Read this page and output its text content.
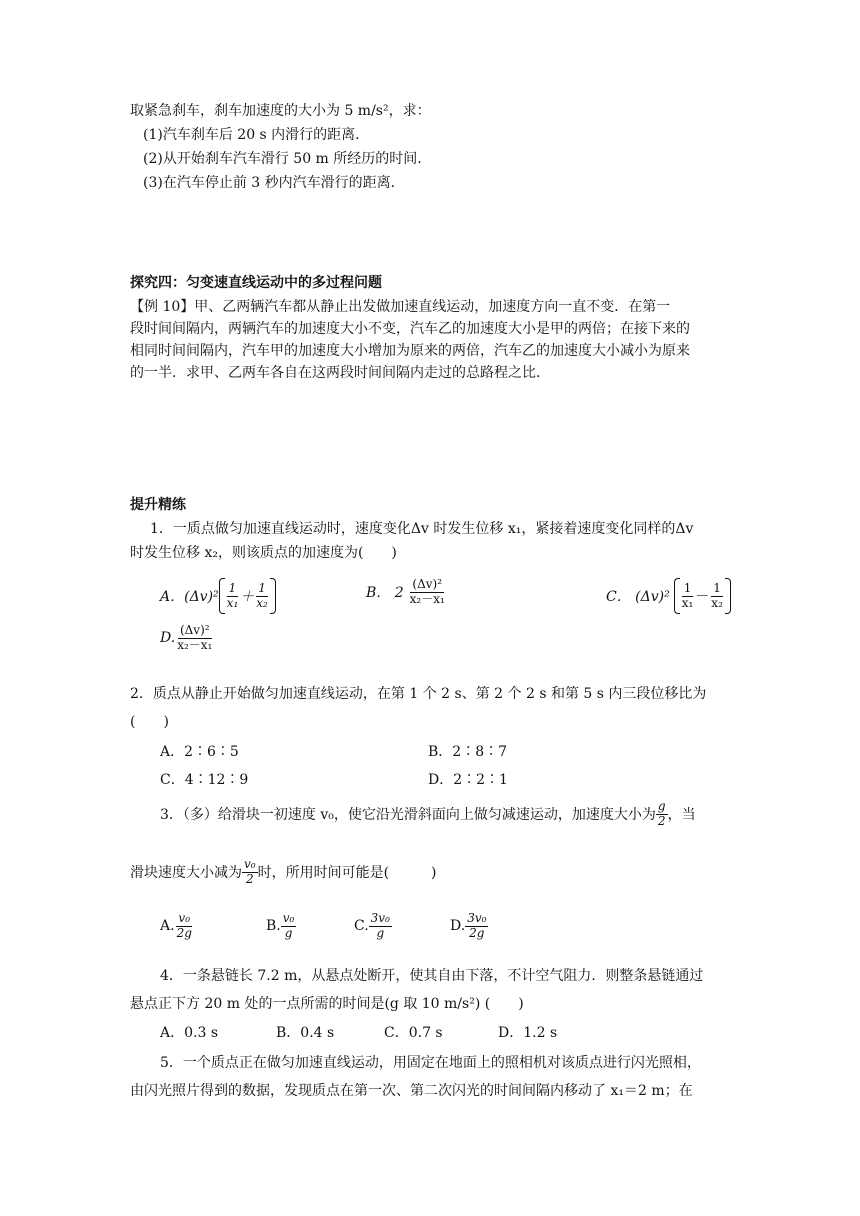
取紧急刹车，刹车加速度的大小为 5 m/s²，求：
(1)汽车刹车后 20 s 内滑行的距离．
(2)从开始刹车汽车滑行 50 m 所经历的时间．
(3)在汽车停止前 3 秒内汽车滑行的距离．
探究四：匀变速直线运动中的多过程问题
【例 10】甲、乙两辆汽车都从静止出发做加速直线运动，加速度方向一直不变．在第一
段时间间隔内，两辆汽车的加速度大小不变，汽车乙的加速度大小是甲的两倍；在接下来的
相同时间间隔内，汽车甲的加速度大小增加为原来的两倍，汽车乙的加速度大小减小为原来
的一半．求甲、乙两车各自在这两段时间间隔内走过的总路程之比．
提升精练
1．一质点做匀加速直线运动时，速度变化Δv 时发生位移 x₁，紧接着速度变化同样的Δv
时发生位移 x₂，则该质点的加速度为(　　)
A．$(\Delta v)^2 \frac{1}{\text{x₁}} + \frac{1}{\text{x₂}}$	B． $2 \frac{\text{(Δv)²}}{\text{x₂－x₁}}$	C． $(\Delta v)^2 \frac{1}{\text{x₁}} - \frac{1}{\text{x₂}}$
D. $\frac{\text{(Δv)²}}{\text{x₂－x₁}}$
2．质点从静止开始做匀加速直线运动，在第 1 个 2 s、第 2 个 2 s 和第 5 s 内三段位移比为
(　　)
A．2∶6∶5	B．2∶8∶7
C．4∶12∶9	D．2∶2∶1
3．（多）给滑块一初速度 v₀，使它沿光滑斜面向上做匀减速运动，加速度大小为 $\frac{g}{2}$ ，当
滑块速度大小减为 $\frac{\text{v₀}}{2}$ 时，所用时间可能是(　　　)
A. $\frac{\text{v₀}}{2g}$	B. $\frac{\text{v₀}}{g}$	C. $\frac{\text{3v₀}}{g}$	D. $\frac{\text{3v₀}}{2g}$
4．一条悬链长 7.2 m，从悬点处断开，使其自由下落，不计空气阻力．则整条悬链通过
悬点正下方 20 m 处的一点所需的时间是(g 取 10 m/s²) (　　)
A．0.3 s	B．0.4 s	C．0.7 s	D．1.2 s
5．一个质点正在做匀加速直线运动，用固定在地面上的照相机对该质点进行闪光照相，
由闪光照片得到的数据，发现质点在第一次、第二次闪光的时间间隔内移动了 x₁＝2 m；在
